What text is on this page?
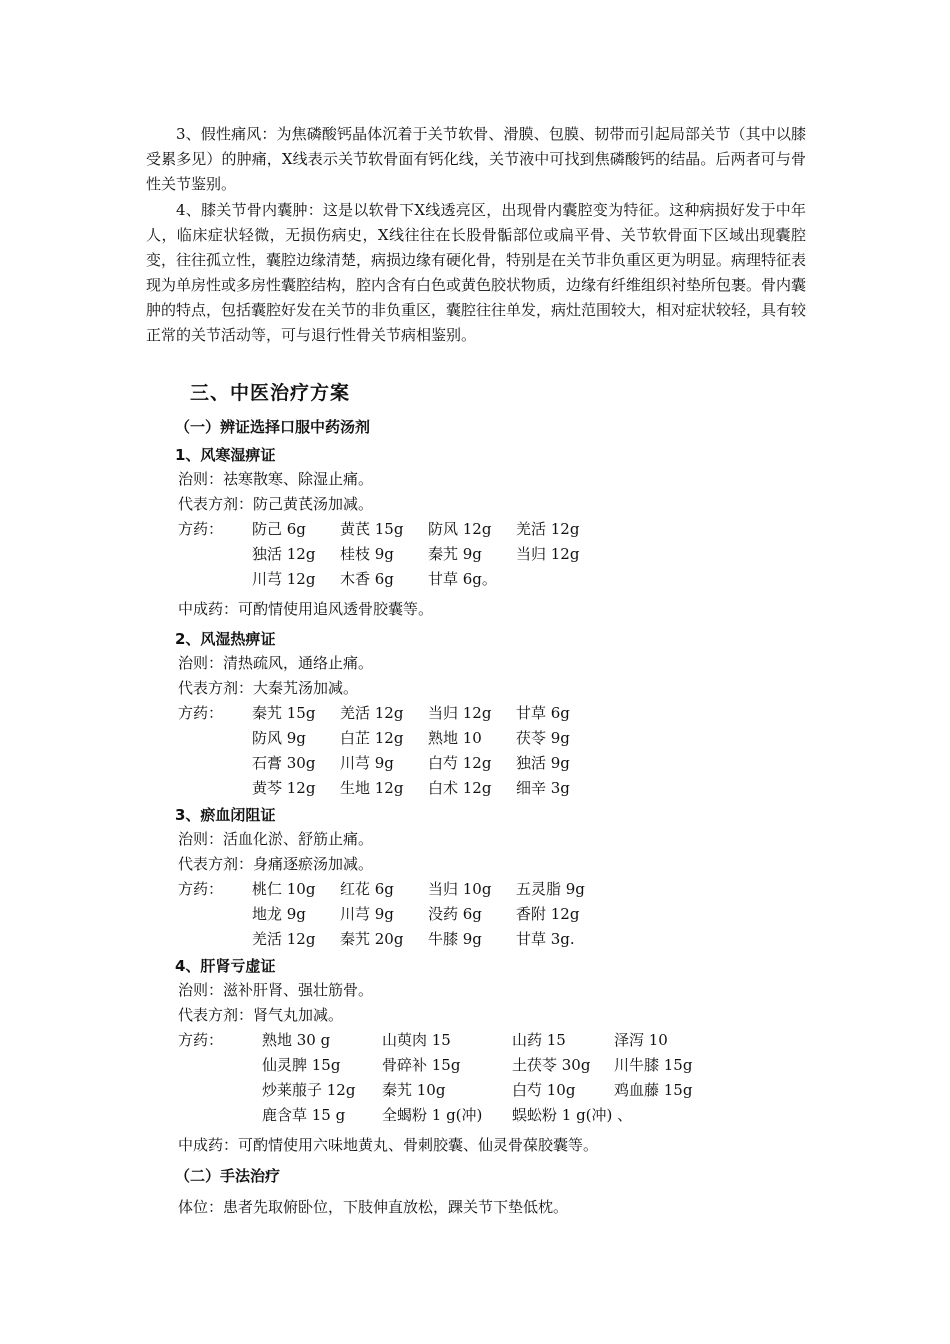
3、假性痛风：为焦磷酸钙晶体沉着于关节软骨、滑膜、包膜、韧带而引起局部关节（其中以膝受累多见）的肿痛，X线表示关节软骨面有钙化线，关节液中可找到焦磷酸钙的结晶。后两者可与骨性关节鉴别。

4、膝关节骨内囊肿：这是以软骨下X线透亮区，出现骨内囊腔变为特征。这种病损好发于中年人，临床症状轻微，无损伤病史，X线往往在长股骨骺部位或扁平骨、关节软骨面下区域出现囊腔变，往往孤立性，囊腔边缘清楚，病损边缘有硬化骨，特别是在关节非负重区更为明显。病理特征表现为单房性或多房性囊腔结构，腔内含有白色或黄色胶状物质，边缘有纤维组织衬垫所包裹。骨内囊肿的特点，包括囊腔好发在关节的非负重区，囊腔往往单发，病灶范围较大，相对症状较轻，具有较正常的关节活动等，可与退行性骨关节病相鉴别。

三、中医治疗方案

（一）辨证选择口服中药汤剂

1、风寒湿痹证

治则：祛寒散寒、除湿止痛。

代表方剂：防己黄芪汤加减。

方药： 防己 6g 黄芪 15g 防风 12g 羌活 12g
独活 12g 桂枝 9g 秦艽 9g 当归 12g
川芎 12g 木香 6g 甘草 6g。

中成药：可酌情使用追风透骨胶囊等。

2、风湿热痹证

治则：清热疏风，通络止痛。

代表方剂：大秦艽汤加减。

方药： 秦艽 15g 羌活 12g 当归 12g 甘草 6g
防风 9g 白芷 12g 熟地 10 茯苓 9g
石膏 30g 川芎 9g 白芍 12g 独活 9g
黄芩 12g 生地 12g 白术 12g 细辛 3g

3、瘀血闭阻证

治则：活血化淤、舒筋止痛。

代表方剂：身痛逐瘀汤加减。

方药： 桃仁 10g 红花 6g 当归 10g 五灵脂 9g
地龙 9g 川芎 9g 没药 6g 香附 12g
羌活 12g 秦艽 20g 牛膝 9g 甘草 3g.

4、肝肾亏虚证

治则：滋补肝肾、强壮筋骨。

代表方剂：肾气丸加减。

方药：	熟地 30 g	山萸肉 15	山药 15	泽泻 10
仙灵脾 15g	骨碎补 15g	土茯苓 30g 川牛膝 15g
炒莱菔子 12g 秦艽 10g	白芍 10g	鸡血藤 15g
鹿含草 15 g 全蝎粉 1 g(冲) 蜈蚣粉 1 g(冲) 、

中成药：可酌情使用六味地黄丸、骨刺胶囊、仙灵骨葆胶囊等。

（二）手法治疗

体位：患者先取俯卧位，下肢伸直放松，踝关节下垫低枕。
